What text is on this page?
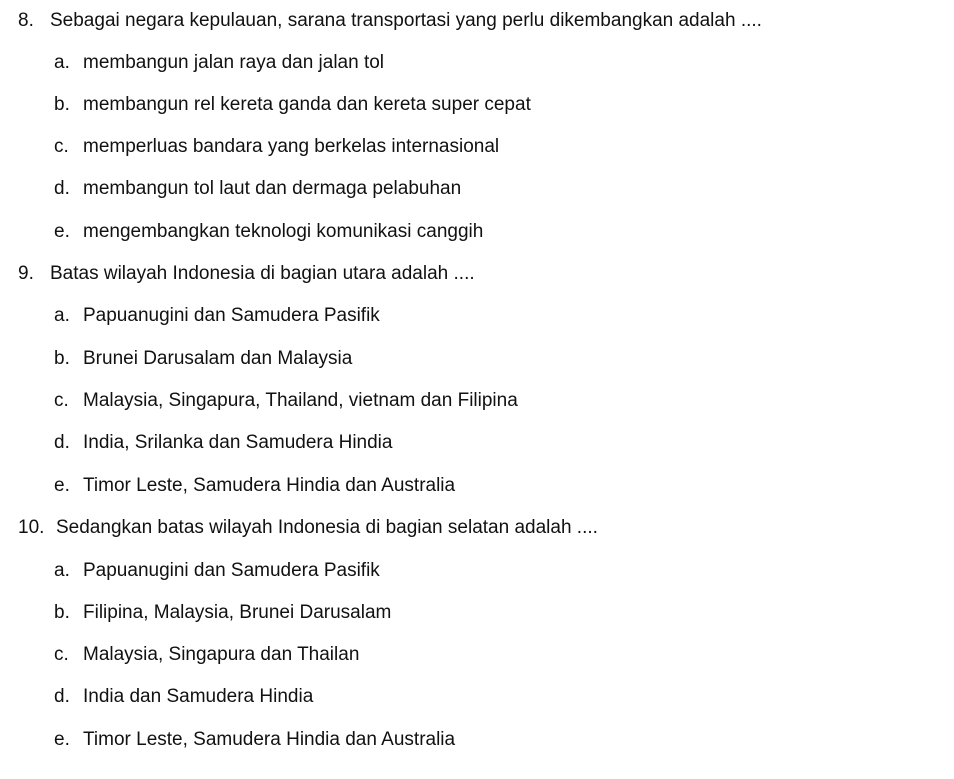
8. Sebagai negara kepulauan, sarana transportasi yang perlu dikembangkan adalah ....
a. membangun jalan raya dan jalan tol
b. membangun rel kereta ganda dan kereta super cepat
c. memperluas bandara yang berkelas internasional
d. membangun tol laut dan dermaga pelabuhan
e. mengembangkan teknologi komunikasi canggih
9. Batas wilayah Indonesia di bagian utara adalah ....
a. Papuanugini dan Samudera Pasifik
b. Brunei Darusalam dan Malaysia
c. Malaysia, Singapura, Thailand, vietnam dan Filipina
d. India, Srilanka dan Samudera Hindia
e. Timor Leste, Samudera Hindia dan Australia
10. Sedangkan batas wilayah Indonesia di bagian selatan adalah ....
a. Papuanugini dan Samudera Pasifik
b. Filipina, Malaysia, Brunei Darusalam
c. Malaysia, Singapura dan Thailan
d. India dan Samudera Hindia
e. Timor Leste, Samudera Hindia dan Australia
